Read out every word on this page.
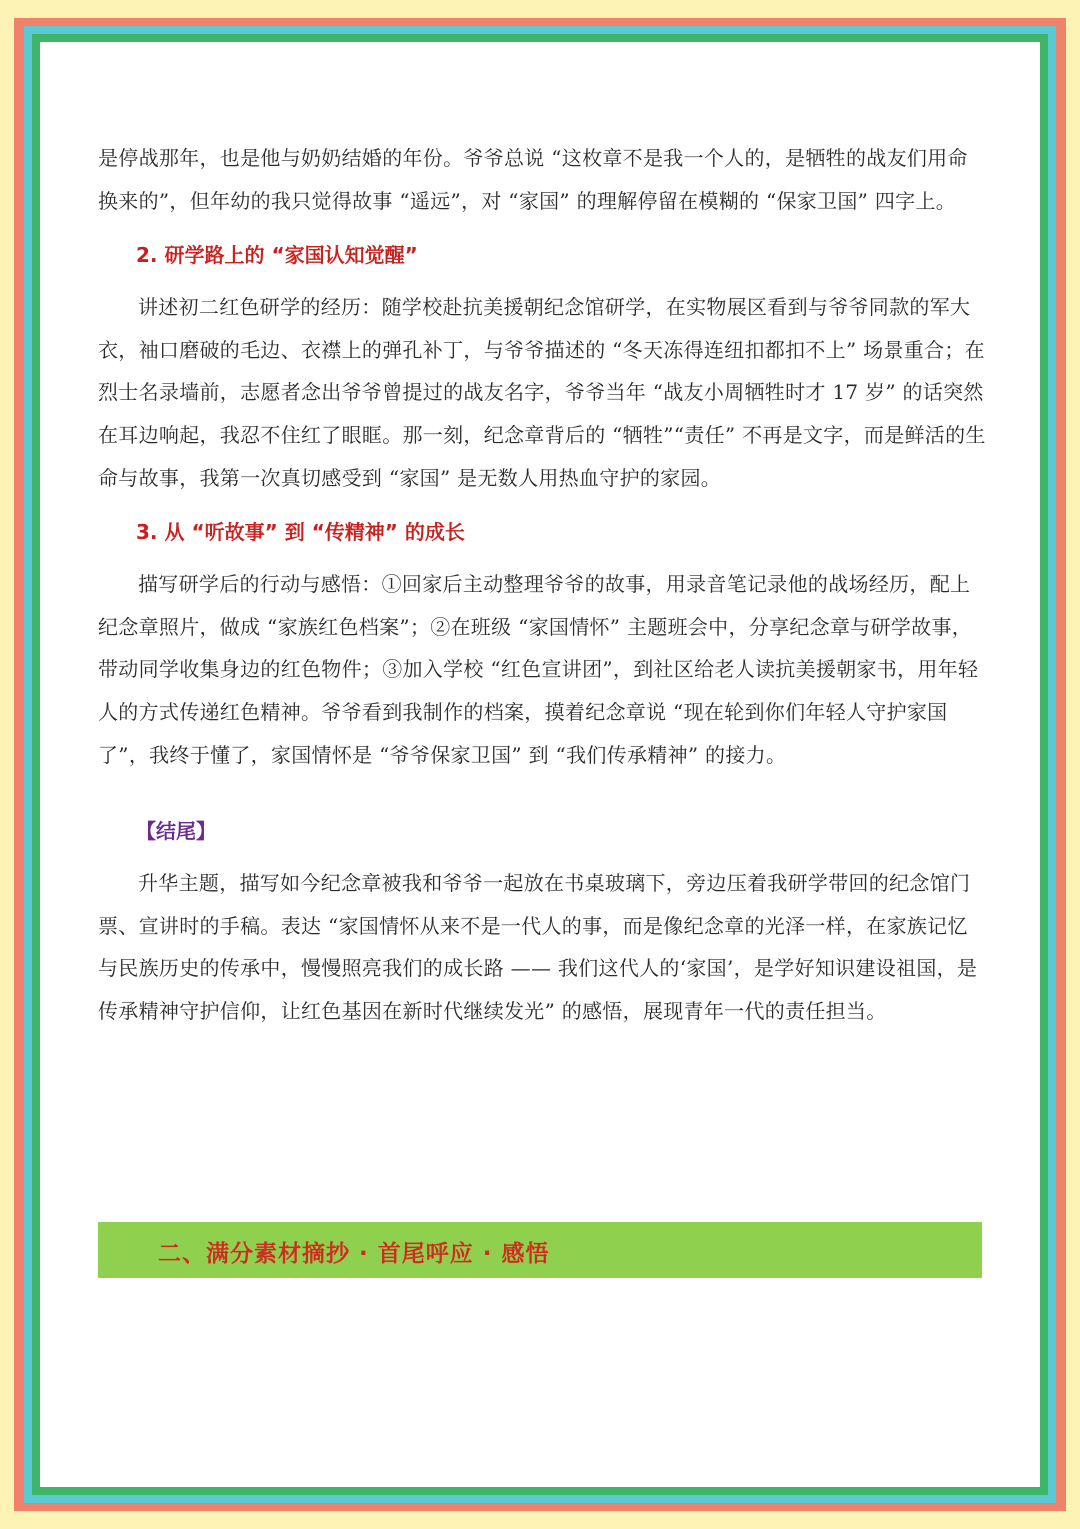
是停战那年，也是他与奶奶结婚的年份。爷爷总说 “这枚章不是我一个人的，是牺牲的战友们用命换来的”，但年幼的我只觉得故事 “遥远”，对 “家国” 的理解停留在模糊的 “保家卫国” 四字上。

2. 研学路上的 “家国认知觉醒”

讲述初二红色研学的经历：随学校赴抗美援朝纪念馆研学，在实物展区看到与爷爷同款的军大衣，袖口磨破的毛边、衣襟上的弹孔补丁，与爷爷描述的 “冬天冻得连纽扣都扣不上” 场景重合；在烈士名录墙前，志愿者念出爷爷曾提过的战友名字，爷爷当年 “战友小周牺牲时才 17 岁” 的话突然在耳边响起，我忍不住红了眼眶。那一刻，纪念章背后的 “牺牲”“责任” 不再是文字，而是鲜活的生命与故事，我第一次真切感受到 “家国” 是无数人用热血守护的家园。

3. 从 “听故事” 到 “传精神” 的成长

描写研学后的行动与感悟：①回家后主动整理爷爷的故事，用录音笔记录他的战场经历，配上纪念章照片，做成 “家族红色档案”；②在班级 “家国情怀” 主题班会中，分享纪念章与研学故事，带动同学收集身边的红色物件；③加入学校 “红色宣讲团”，到社区给老人读抗美援朝家书，用年轻人的方式传递红色精神。爷爷看到我制作的档案，摸着纪念章说 “现在轮到你们年轻人守护家国了”，我终于懂了，家国情怀是 “爷爷保家卫国” 到 “我们传承精神” 的接力。

【结尾】

升华主题，描写如今纪念章被我和爷爷一起放在书桌玻璃下，旁边压着我研学带回的纪念馆门票、宣讲时的手稿。表达 “家国情怀从来不是一代人的事，而是像纪念章的光泽一样，在家族记忆与民族历史的传承中，慢慢照亮我们的成长路 —— 我们这代人的‘家国’，是学好知识建设祖国，是传承精神守护信仰，让红色基因在新时代继续发光” 的感悟，展现青年一代的责任担当。

二、满分素材摘抄 · 首尾呼应 · 感悟
